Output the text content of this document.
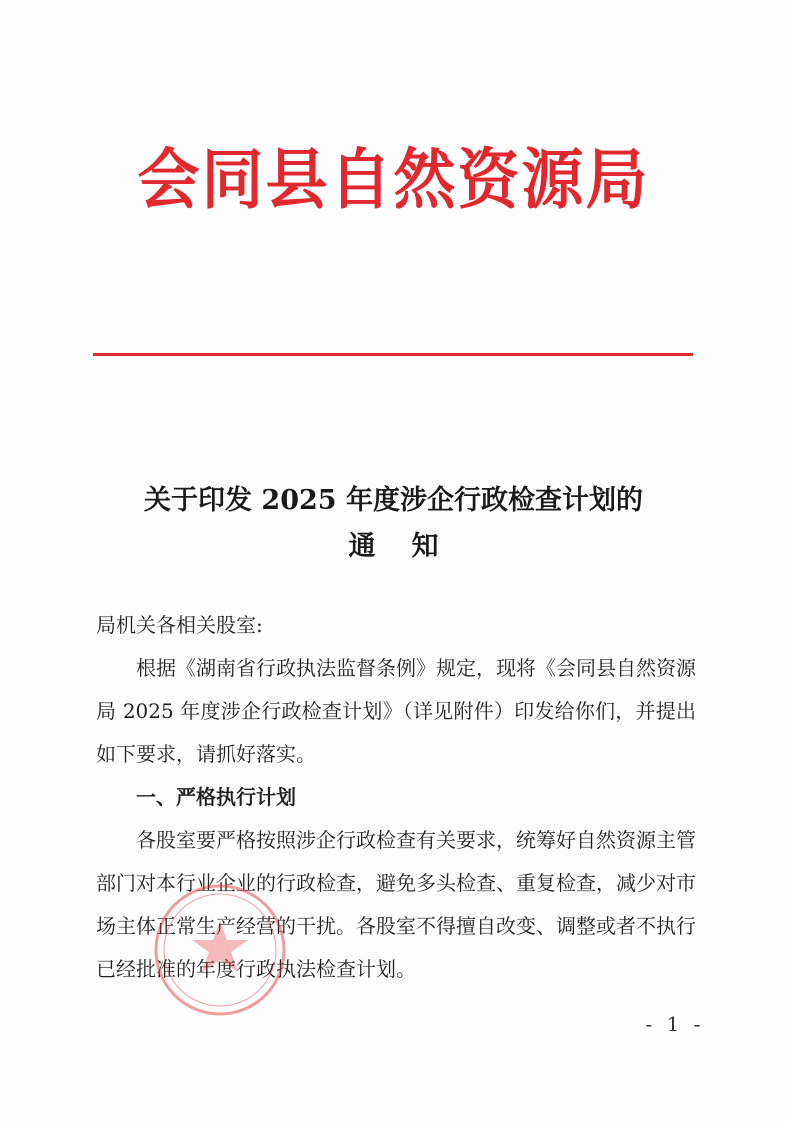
会同县自然资源局
关于印发 2025 年度涉企行政检查计划的
通知

局机关各相关股室:

根据《湖南省行政执法监督条例》规定，现将《会同县自然资源局 2025 年度涉企行政检查计划》（详见附件）印发给你们，并提出如下要求，请抓好落实。

一、严格执行计划

各股室要严格按照涉企行政检查有关要求，统筹好自然资源主管部门对本行业企业的行政检查，避免多头检查、重复检查，减少对市场主体正常生产经营的干扰。各股室不得擅自改变、调整或者不执行已经批准的年度行政执法检查计划。

- 1 -
